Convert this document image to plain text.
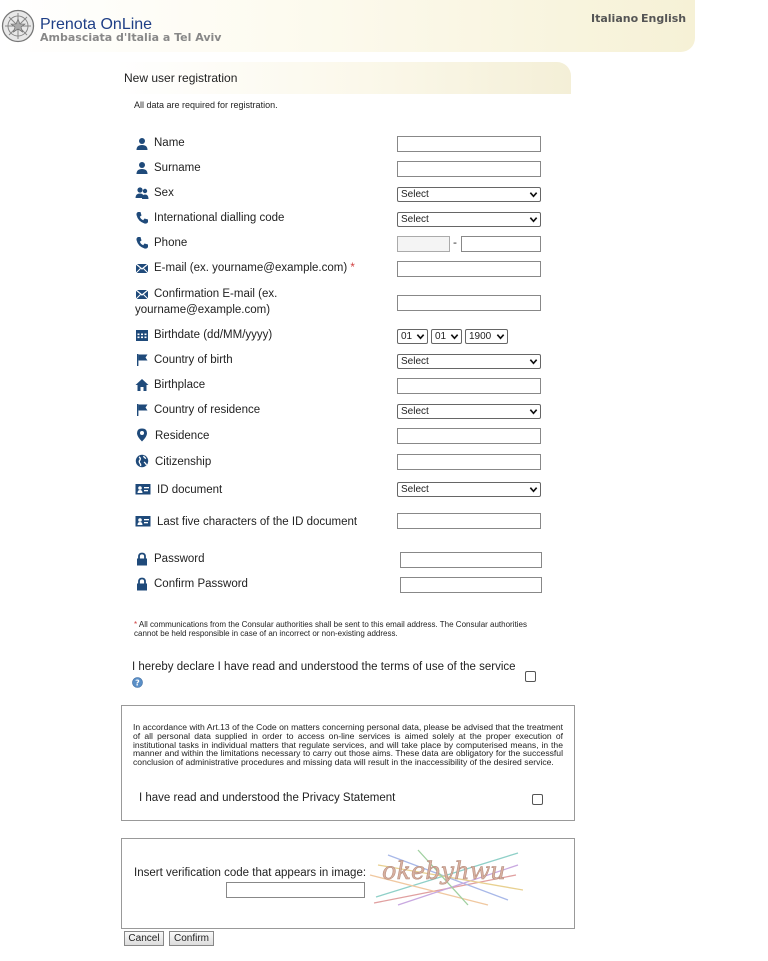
Prenota OnLine
Ambasciata d'Italia a Tel Aviv
Italiano English
New user registration
All data are required for registration.
Name
Surname
Sex	Select
International dialling code	Select
Phone	-
E-mail (ex. yourname@example.com) *
Confirmation E-mail (ex.
yourname@example.com)
Birthdate (dd/MM/yyyy)	01 01 1900
Country of birth	Select
Birthplace
Country of residence	Select
Residence
Citizenship
ID document	Select
Last five characters of the ID document
Password
Confirm Password
* All communications from the Consular authorities shall be sent to this email address. The Consular authorities cannot be held responsible in case of an incorrect or non-existing address.
I hereby declare I have read and understood the terms of use of the service
?
In accordance with Art.13 of the Code on matters concerning personal data, please be advised that the treatment of all personal data supplied in order to access on-line services is aimed solely at the proper execution of institutional tasks in individual matters that regulate services, and will take place by computerised means, in the manner and within the limitations necessary to carry out those aims. These data are obligatory for the successful conclusion of administrative procedures and missing data will result in the inaccessibility of the desired service.
I have read and understood the Privacy Statement
Insert verification code that appears in image: okebyhwu
Cancel	Confirm
